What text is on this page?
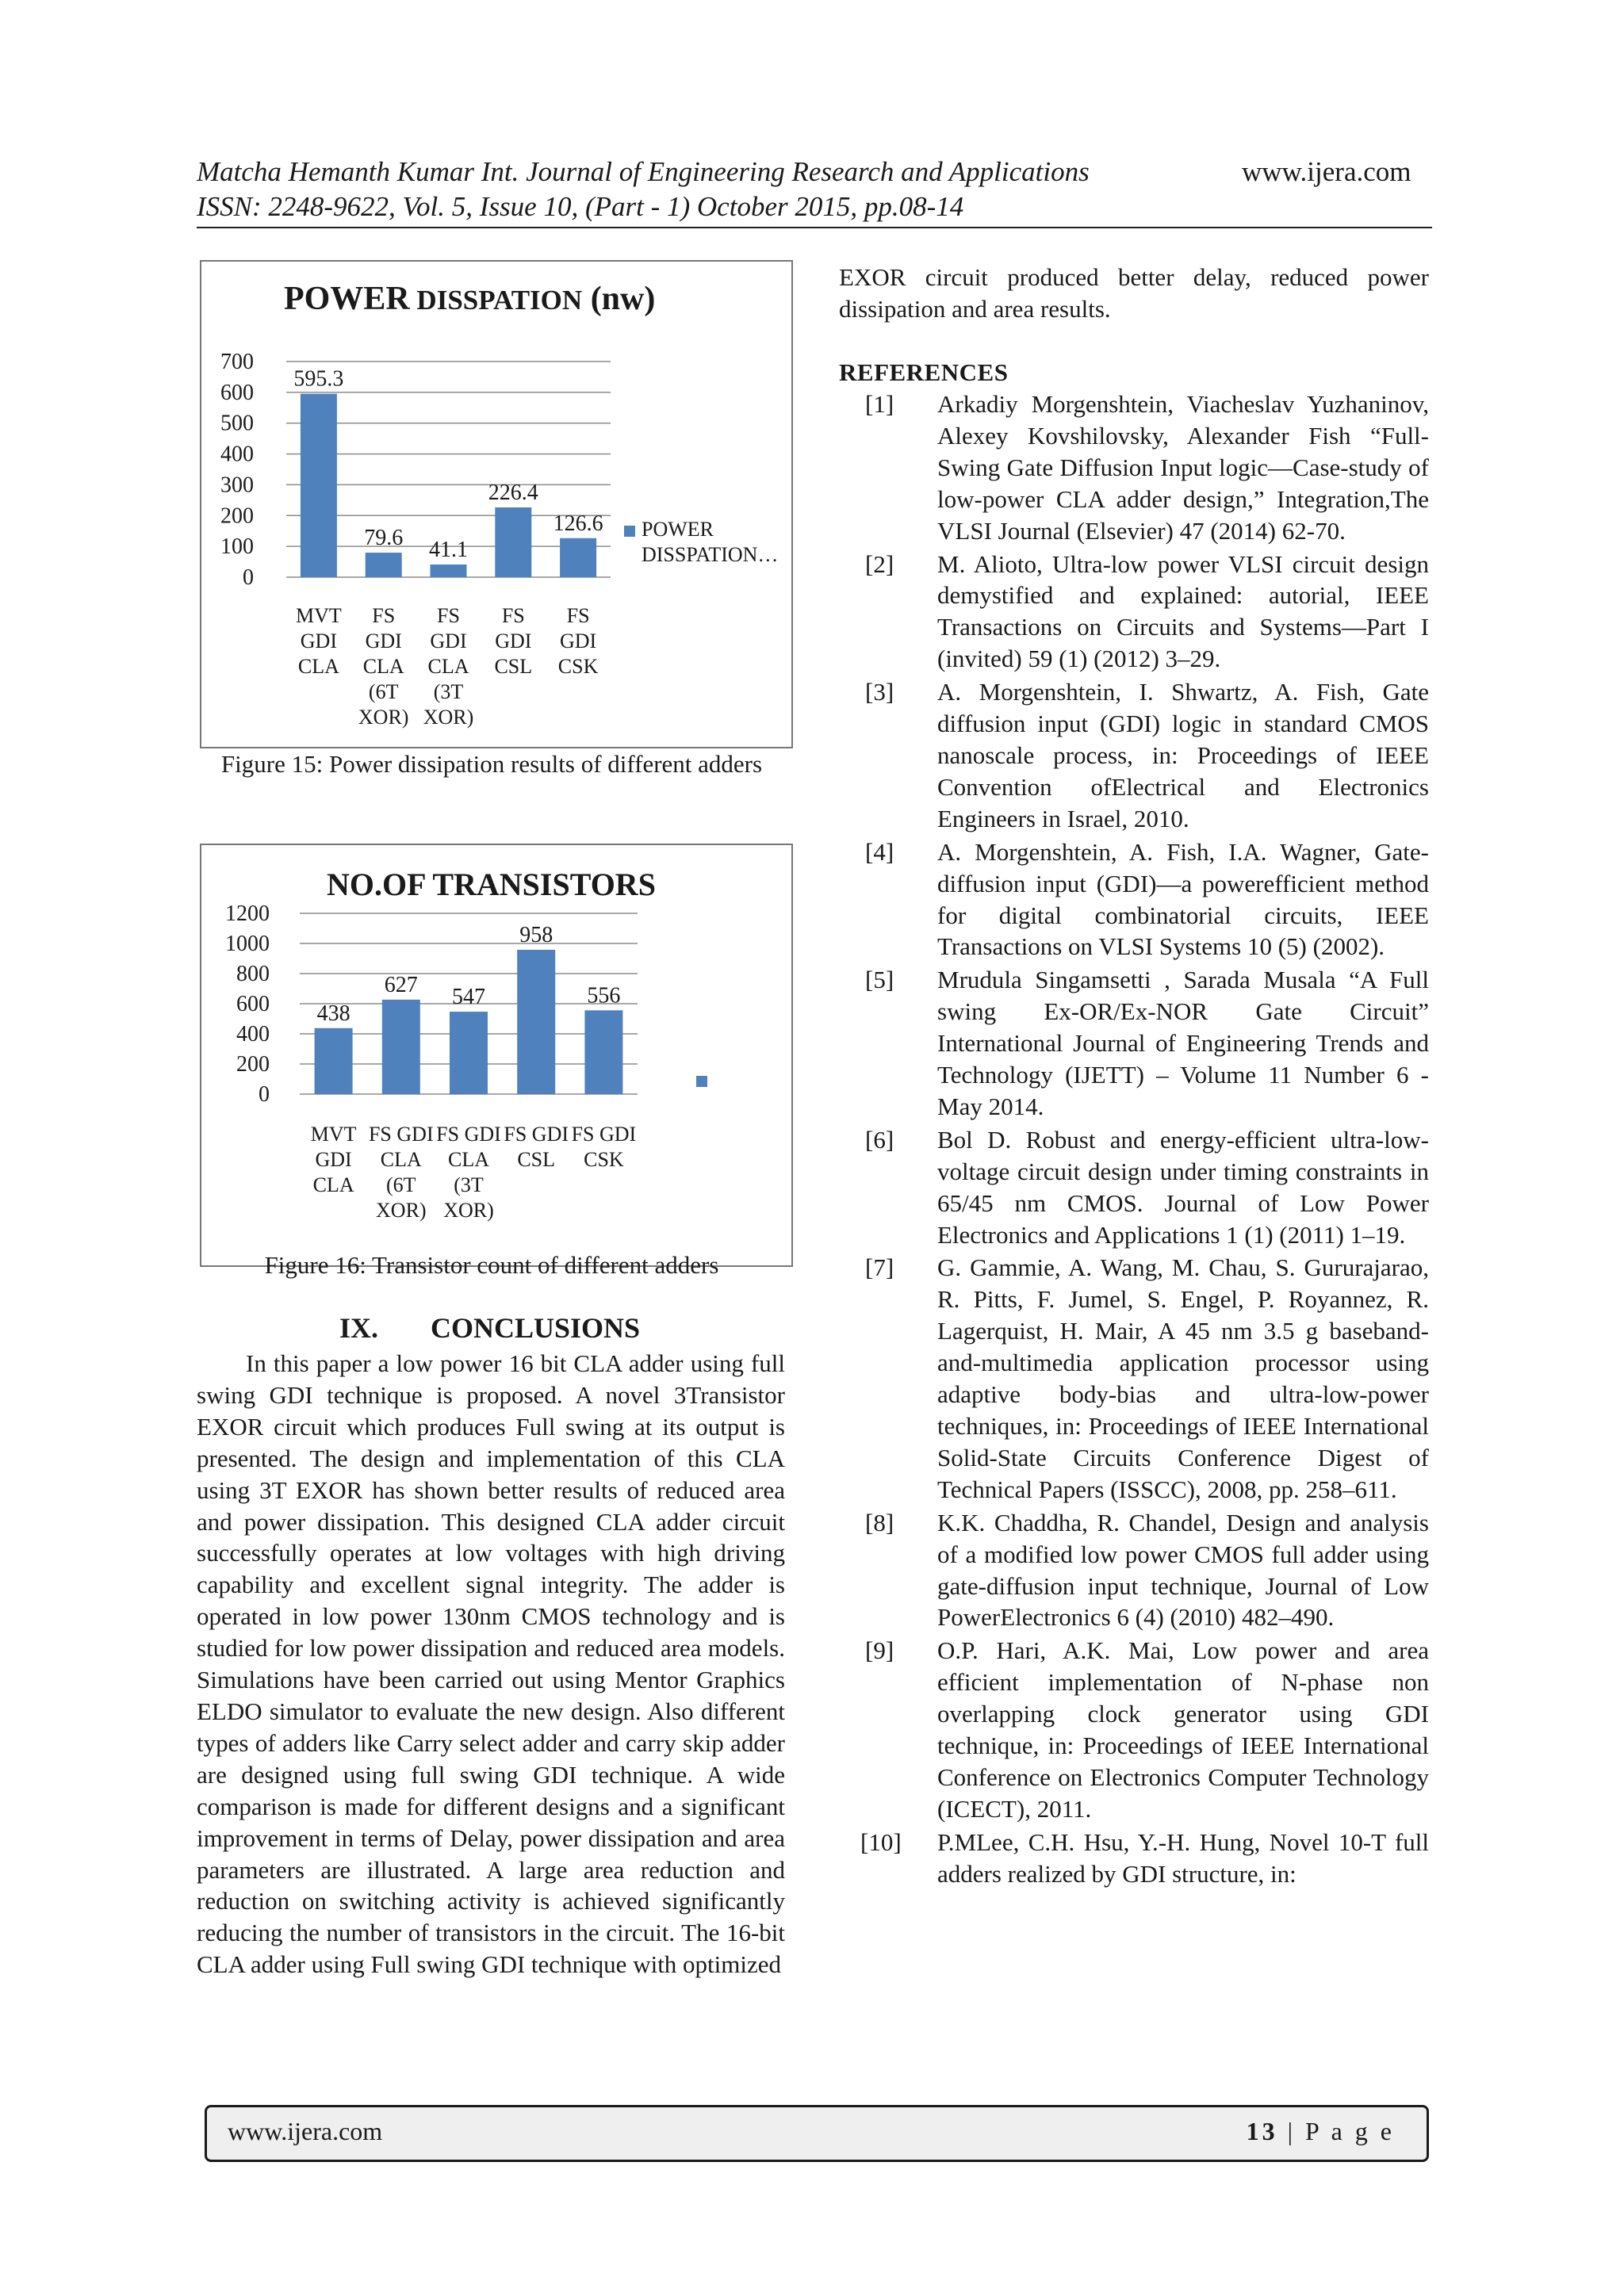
Matcha Hemanth Kumar Int. Journal of Engineering Research and Applications	www.ijera.com
ISSN: 2248-9622, Vol. 5, Issue 10, (Part - 1) October 2015, pp.08-14
POWER DISSPATION (nw)
0
100
200
300
400
500
600
700
595.3
MVT
GDI
CLA
79.6
FS
GDI
CLA
(6T
XOR)
41.1
FS
GDI
CLA
(3T
XOR)
226.4
FS
GDI
CSL
126.6
FS
GDI
CSK
POWER
DISSPATION…
Figure 15: Power dissipation results of different adders
NO.OF TRANSISTORS
0
200
400
600
800
1000
1200
438
MVT
GDI
CLA
627
FS GDI
CLA
(6T
XOR)
547
FS GDI
CLA
(3T
XOR)
958
FS GDI
CSL
556
FS GDI
CSK
Figure 16: Transistor count of different adders
IX. CONCLUSIONS
In this paper a low power 16 bit CLA adder using full swing GDI technique is proposed. A novel 3Transistor EXOR circuit which produces Full swing at its output is presented. The design and implementation of this CLA using 3T EXOR has shown better results of reduced area and power dissipation. This designed CLA adder circuit successfully operates at low voltages with high driving capability and excellent signal integrity. The adder is operated in low power 130nm CMOS technology and is studied for low power dissipation and reduced area models. Simulations have been carried out using Mentor Graphics ELDO simulator to evaluate the new design. Also different types of adders like Carry select adder and carry skip adder are designed using full swing GDI technique. A wide comparison is made for different designs and a significant improvement in terms of Delay, power dissipation and area parameters are illustrated. A large area reduction and reduction on switching activity is achieved significantly reducing the number of transistors in the circuit. The 16-bit CLA adder using Full swing GDI technique with optimized
EXOR circuit produced better delay, reduced power dissipation and area results.
REFERENCES
[1] Arkadiy Morgenshtein, Viacheslav Yuzhaninov, Alexey Kovshilovsky, Alexander Fish “Full-Swing Gate Diffusion Input logic—Case-study of low-power CLA adder design,” Integration,The VLSI Journal (Elsevier) 47 (2014) 62-70.
[2] M. Alioto, Ultra-low power VLSI circuit design demystified and explained: autorial, IEEE Transactions on Circuits and Systems—Part I (invited) 59 (1) (2012) 3–29.
[3] A. Morgenshtein, I. Shwartz, A. Fish, Gate diffusion input (GDI) logic in standard CMOS nanoscale process, in: Proceedings of IEEE Convention ofElectrical and Electronics Engineers in Israel, 2010.
[4] A. Morgenshtein, A. Fish, I.A. Wagner, Gate-diffusion input (GDI)—a powerefficient method for digital combinatorial circuits, IEEE Transactions on VLSI Systems 10 (5) (2002).
[5] Mrudula Singamsetti , Sarada Musala “A Full swing Ex-OR/Ex-NOR Gate Circuit” International Journal of Engineering Trends and Technology (IJETT) – Volume 11 Number 6 - May 2014.
[6] Bol D. Robust and energy-efficient ultra-low-voltage circuit design under timing constraints in 65/45 nm CMOS. Journal of Low Power Electronics and Applications 1 (1) (2011) 1–19.
[7] G. Gammie, A. Wang, M. Chau, S. Gururajarao, R. Pitts, F. Jumel, S. Engel, P. Royannez, R. Lagerquist, H. Mair, A 45 nm 3.5 g baseband-and-multimedia application processor using adaptive body-bias and ultra-low-power techniques, in: Proceedings of IEEE International Solid-State Circuits Conference Digest of Technical Papers (ISSCC), 2008, pp. 258–611.
[8] K.K. Chaddha, R. Chandel, Design and analysis of a modified low power CMOS full adder using gate-diffusion input technique, Journal of Low PowerElectronics 6 (4) (2010) 482–490.
[9] O.P. Hari, A.K. Mai, Low power and area efficient implementation of N-phase non overlapping clock generator using GDI technique, in: Proceedings of IEEE International Conference on Electronics Computer Technology (ICECT), 2011.
[10] P.MLee, C.H. Hsu, Y.-H. Hung, Novel 10-T full adders realized by GDI structure, in:
www.ijera.com	13 | P a g e
